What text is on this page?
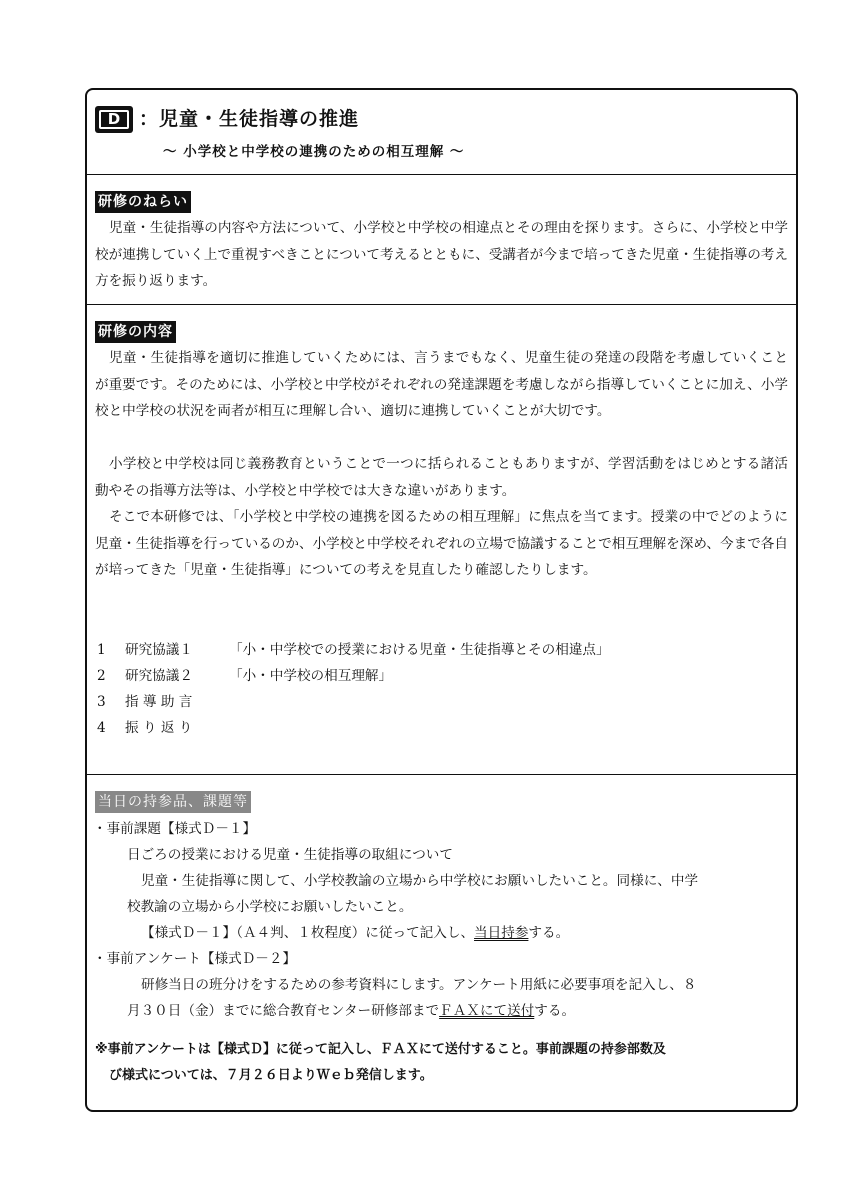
D ：児童・生徒指導の推進
～ 小学校と中学校の連携のための相互理解 ～
研修のねらい

児童・生徒指導の内容や方法について、小学校と中学校の相違点とその理由を探ります。さらに、小学校と中学校が連携していく上で重視すべきことについて考えるとともに、受講者が今まで培ってきた児童・生徒指導の考え方を振り返ります。

研修の内容

児童・生徒指導を適切に推進していくためには、言うまでもなく、児童生徒の発達の段階を考慮していくことが重要です。そのためには、小学校と中学校がそれぞれの発達課題を考慮しながら指導していくことに加え、小学校と中学校の状況を両者が相互に理解し合い、適切に連携していくことが大切です。

小学校と中学校は同じ義務教育ということで一つに括られることもありますが、学習活動をはじめとする諸活動やその指導方法等は、小学校と中学校では大きな違いがあります。

そこで本研修では、「小学校と中学校の連携を図るための相互理解」に焦点を当てます。授業の中でどのように児童・生徒指導を行っているのか、小学校と中学校それぞれの立場で協議することで相互理解を深め、今まで各自が培ってきた「児童・生徒指導」についての考えを見直したり確認したりします。

1 研究協議１	「小・中学校での授業における児童・生徒指導とその相違点」
2 研究協議２	「小・中学校の相互理解」
3 指 導 助 言
4 振 り 返 り
当日の持参品、課題等
・事前課題【様式Ｄ－１】
日ごろの授業における児童・生徒指導の取組について
児童・生徒指導に関して、小学校教諭の立場から中学校にお願いしたいこと。同様に、中学
校教諭の立場から小学校にお願いしたいこと。
【様式Ｄ－１】（Ａ４判、１枚程度）に従って記入し、当日持参する。
・事前アンケート【様式Ｄ－２】
研修当日の班分けをするための参考資料にします。アンケート用紙に必要事項を記入し、８
月３０日（金）までに総合教育センター研修部までＦＡＸにて送付する。

※事前アンケートは【様式Ｄ】に従って記入し、ＦＡＸにて送付すること。事前課題の持参部数及
び様式については、７月２６日よりＷｅｂ発信します。
